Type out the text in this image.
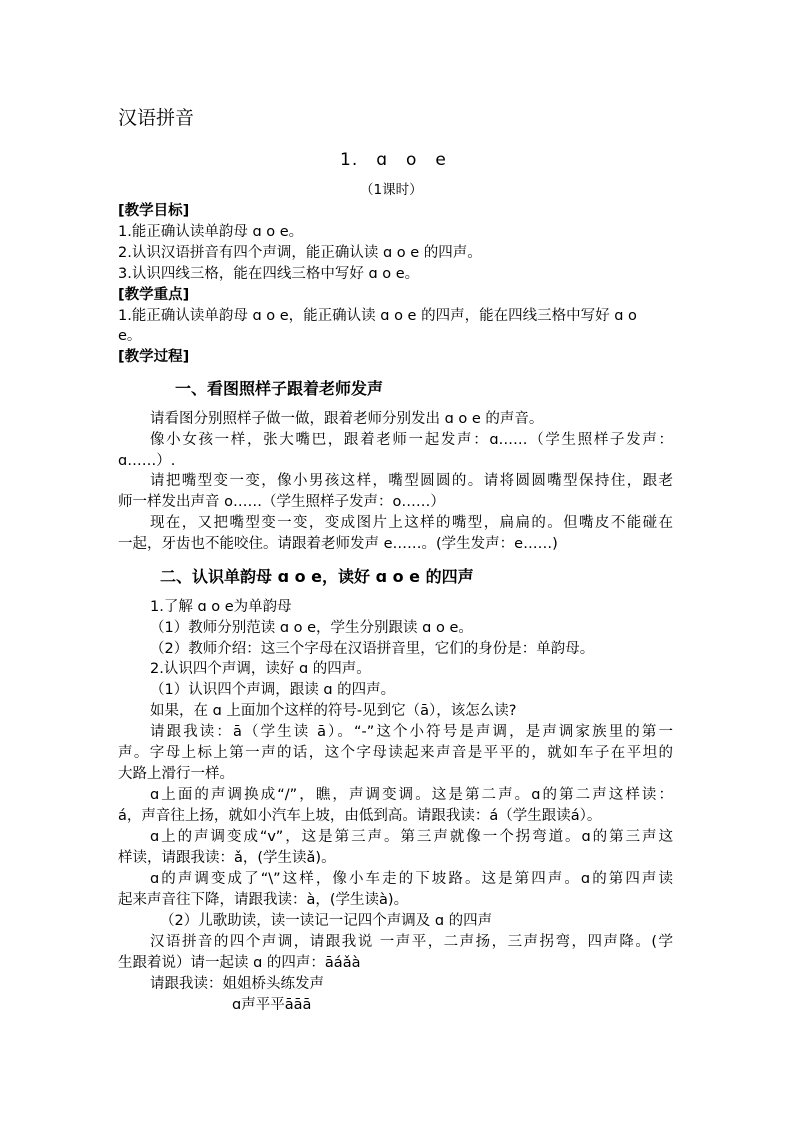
汉语拼音
1.　ɑ　o　e
（1课时）
[教学目标]
1.能正确认读单韵母 ɑ o e。
2.认识汉语拼音有四个声调，能正确认读 ɑ o e 的四声。
3.认识四线三格，能在四线三格中写好 ɑ o e。
[教学重点]
1.能正确认读单韵母 ɑ o e，能正确认读 ɑ o e 的四声，能在四线三格中写好 ɑ o
e。
[教学过程]
一、看图照样子跟着老师发声
请看图分别照样子做一做，跟着老师分别发出 ɑ o e 的声音。
像小女孩一样，张大嘴巴，跟着老师一起发声：ɑ……（学生照样子发声：
ɑ……）.
请把嘴型变一变，像小男孩这样，嘴型圆圆的。请将圆圆嘴型保持住，跟老
师一样发出声音 o……（学生照样子发声：o……）
现在，又把嘴型变一变，变成图片上这样的嘴型，扁扁的。但嘴皮不能碰在
一起，牙齿也不能咬住。请跟着老师发声 e……。(学生发声：e……)
二、认识单韵母 ɑ o e，读好 ɑ o e 的四声
1.了解 ɑ o e为单韵母
（1）教师分别范读 ɑ o e，学生分别跟读 ɑ o e。
（2）教师介绍：这三个字母在汉语拼音里，它们的身份是：单韵母。
2.认识四个声调，读好 ɑ 的四声。
（1）认识四个声调，跟读 ɑ 的四声。
如果，在 ɑ 上面加个这样的符号-见到它（ā），该怎么读?
请跟我读：ā（学生读 ā）。“-”这个小符号是声调，是声调家族里的第一
声。字母上标上第一声的话，这个字母读起来声音是平平的，就如车子在平坦的
大路上滑行一样。
ɑ上面的声调换成“/”，瞧，声调变调。这是第二声。ɑ的第二声这样读：
á，声音往上扬，就如小汽车上坡，由低到高。请跟我读：á（学生跟读á）。
ɑ上的声调变成“v”，这是第三声。第三声就像一个拐弯道。ɑ的第三声这
样读，请跟我读：ǎ，(学生读ǎ)。
ɑ的声调变成了“\”这样，像小车走的下坡路。这是第四声。ɑ的第四声读
起来声音往下降，请跟我读：à，(学生读à)。
（2）儿歌助读，读一读记一记四个声调及 ɑ 的四声
汉语拼音的四个声调，请跟我说 一声平，二声扬，三声拐弯，四声降。(学
生跟着说）请一起读 ɑ 的四声：āáǎà
请跟我读：姐姐桥头练发声
ɑ声平平āāā
